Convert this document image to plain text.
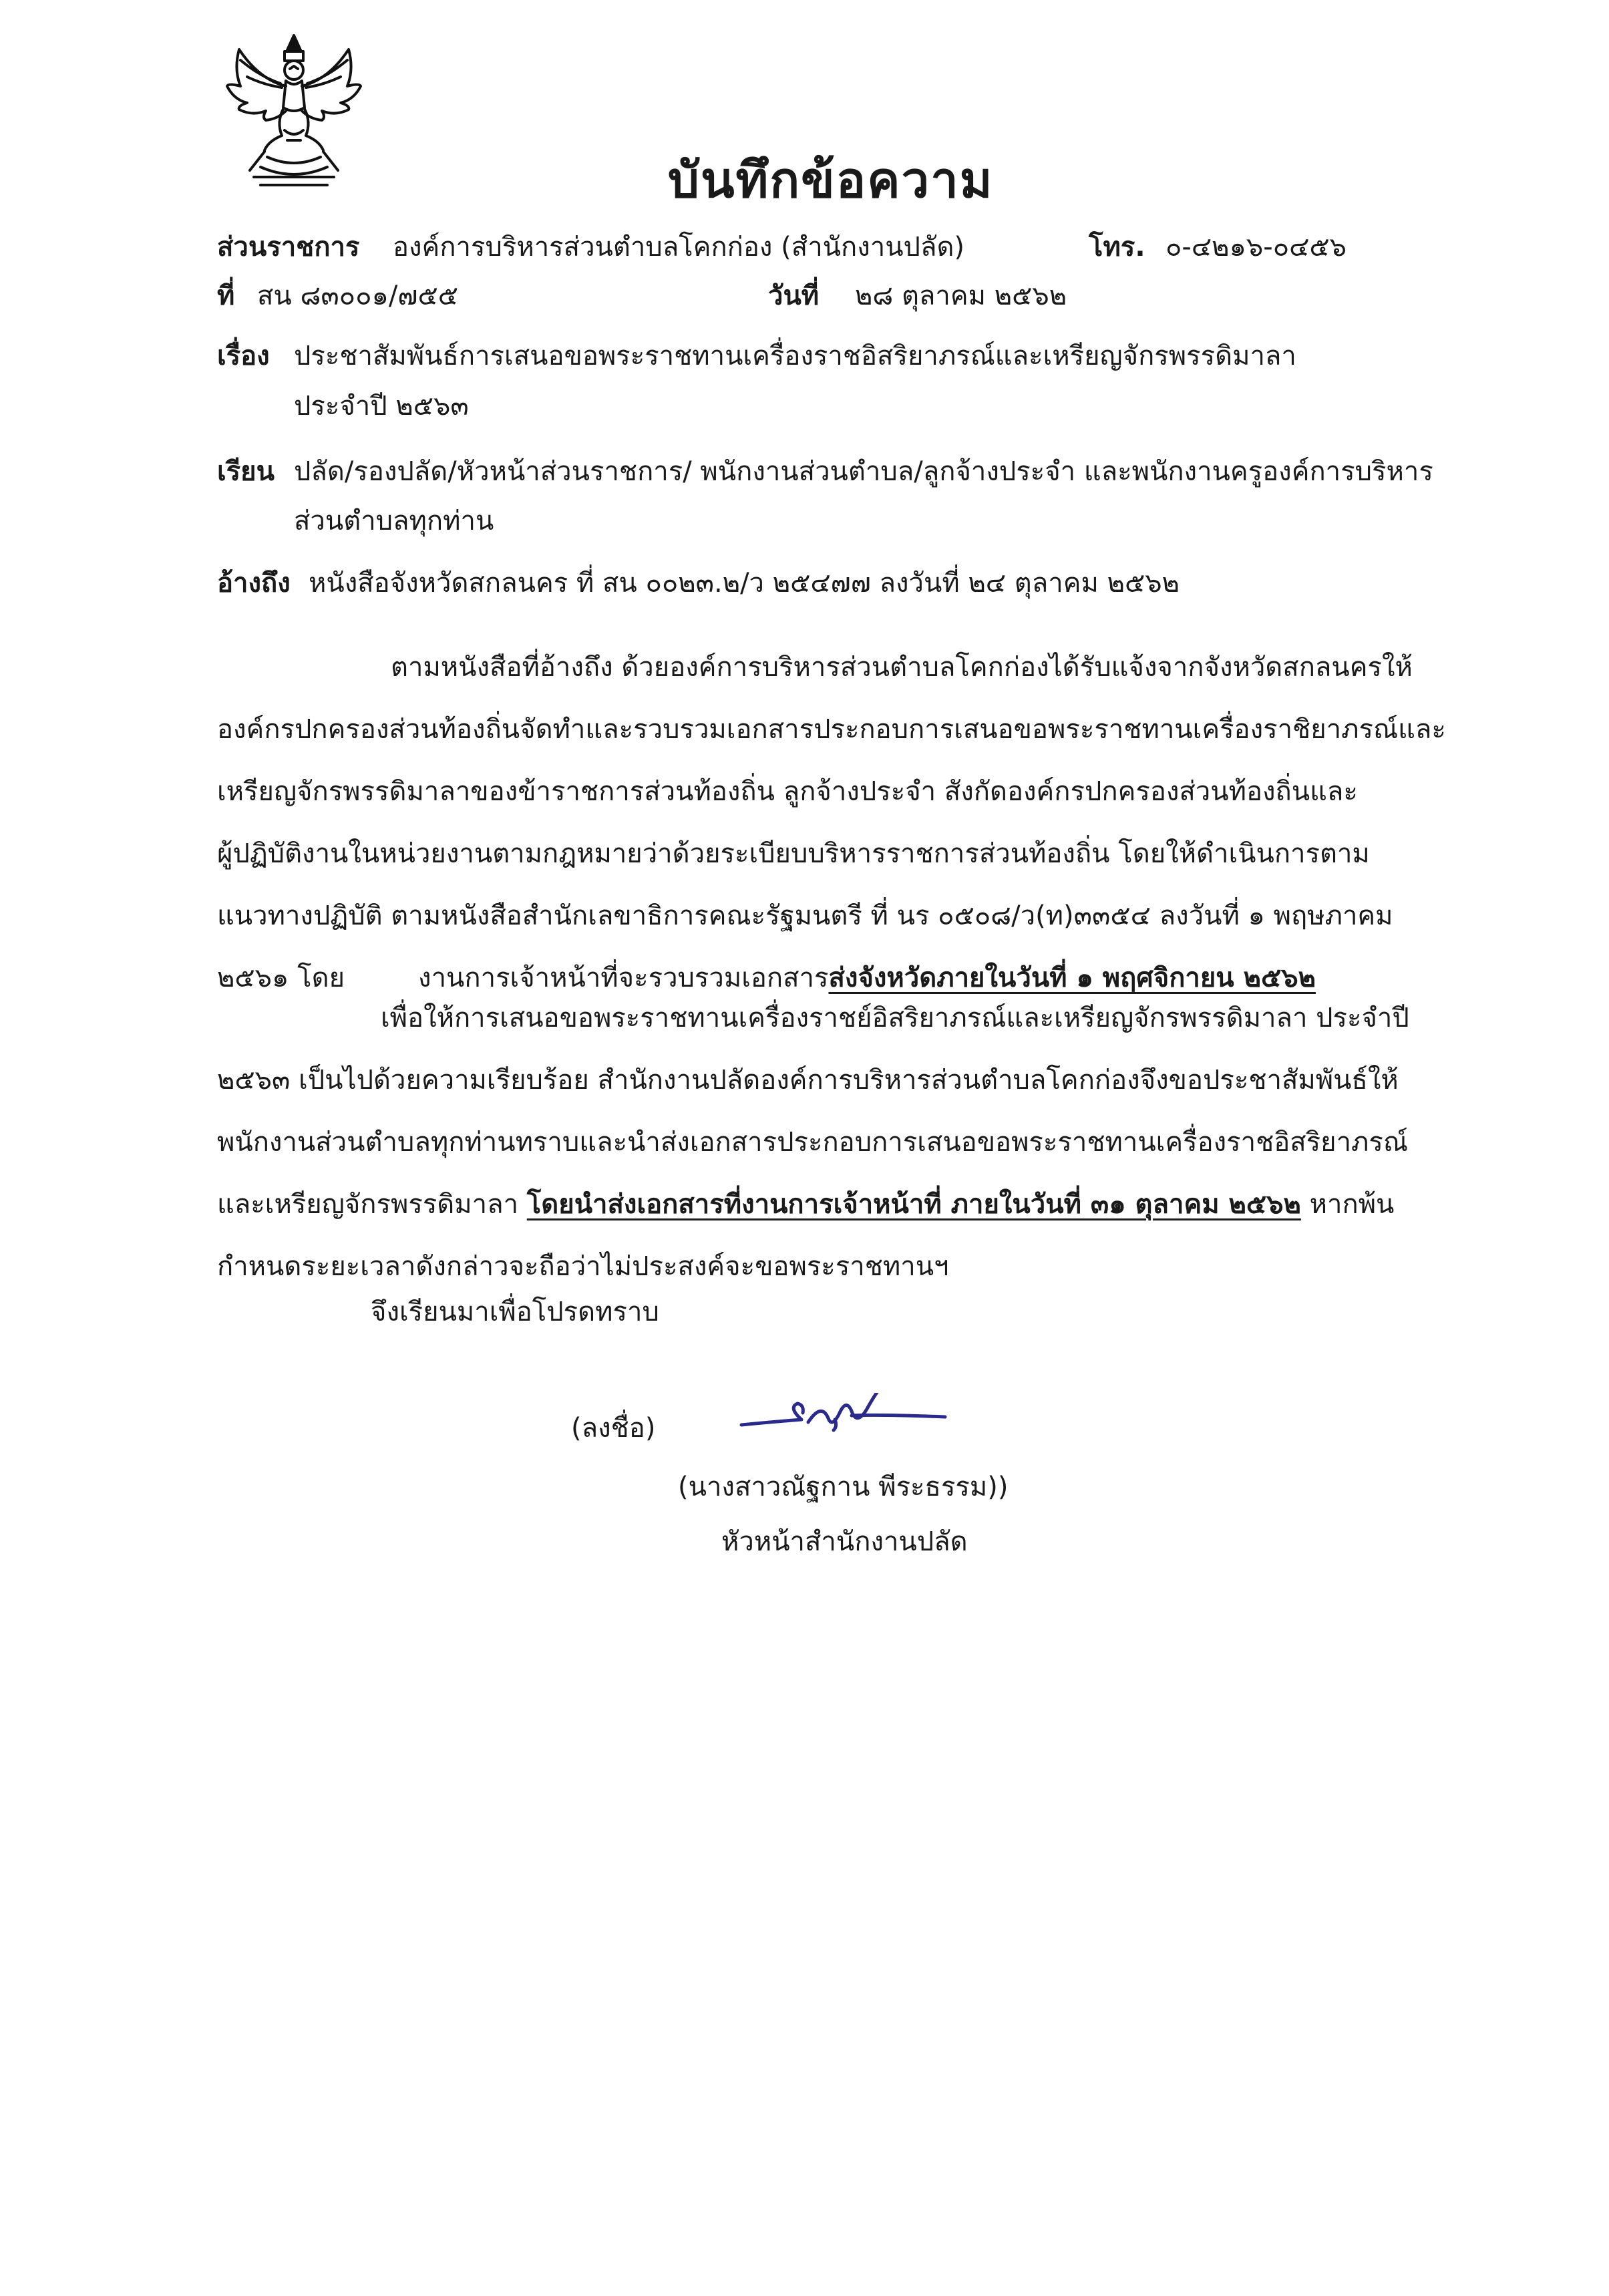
บันทึกข้อความ
ส่วนราชการ องค์การบริหารส่วนตำบลโคกก่อง (สำนักงานปลัด)	โทร. ๐-๔๒๑๖-๐๔๕๖
ที่ สน ๘๓๐๐๑/๗๕๕	วันที่ ๒๘ ตุลาคม ๒๕๖๒
เรื่อง ประชาสัมพันธ์การเสนอขอพระราชทานเครื่องราชอิสริยาภรณ์และเหรียญจักรพรรดิมาลา
ประจำปี ๒๕๖๓
เรียน ปลัด/รองปลัด/หัวหน้าส่วนราชการ/ พนักงานส่วนตำบล/ลูกจ้างประจำ และพนักงานครูองค์การบริหาร
ส่วนตำบลทุกท่าน
อ้างถึง หนังสือจังหวัดสกลนคร ที่ สน ๐๐๒๓.๒/ว ๒๕๔๗๗ ลงวันที่ ๒๔ ตุลาคม ๒๕๖๒
ตามหนังสือที่อ้างถึง ด้วยองค์การบริหารส่วนตำบลโคกก่องได้รับแจ้งจากจังหวัดสกลนครให้
องค์กรปกครองส่วนท้องถิ่นจัดทำและรวบรวมเอกสารประกอบการเสนอขอพระราชทานเครื่องราชิยาภรณ์และ
เหรียญจักรพรรดิมาลาของข้าราชการส่วนท้องถิ่น ลูกจ้างประจำ สังกัดองค์กรปกครองส่วนท้องถิ่นและ
ผู้ปฏิบัติงานในหน่วยงานตามกฎหมายว่าด้วยระเบียบบริหารราชการส่วนท้องถิ่น โดยให้ดำเนินการตาม
แนวทางปฏิบัติ ตามหนังสือสำนักเลขาธิการคณะรัฐมนตรี ที่ นร ๐๕๐๘/ว(ท)๓๓๕๔ ลงวันที่ ๑ พฤษภาคม
๒๕๖๑ โดย	งานการเจ้าหน้าที่จะรวบรวมเอกสารส่งจังหวัดภายในวันที่ ๑ พฤศจิกายน ๒๕๖๒
เพื่อให้การเสนอขอพระราชทานเครื่องราชย์อิสริยาภรณ์และเหรียญจักรพรรดิมาลา ประจำปี
๒๕๖๓ เป็นไปด้วยความเรียบร้อย สำนักงานปลัดองค์การบริหารส่วนตำบลโคกก่องจึงขอประชาสัมพันธ์ให้
พนักงานส่วนตำบลทุกท่านทราบและนำส่งเอกสารประกอบการเสนอขอพระราชทานเครื่องราชอิสริยาภรณ์
และเหรียญจักรพรรดิมาลา โดยนำส่งเอกสารที่งานการเจ้าหน้าที่ ภายในวันที่ ๓๑ ตุลาคม ๒๕๖๒ หากพ้น
กำหนดระยะเวลาดังกล่าวจะถือว่าไม่ประสงค์จะขอพระราชทานฯ
จึงเรียนมาเพื่อโปรดทราบ
(ลงชื่อ)
(นางสาวณัฐกาน พีระธรรม))
หัวหน้าสำนักงานปลัด
